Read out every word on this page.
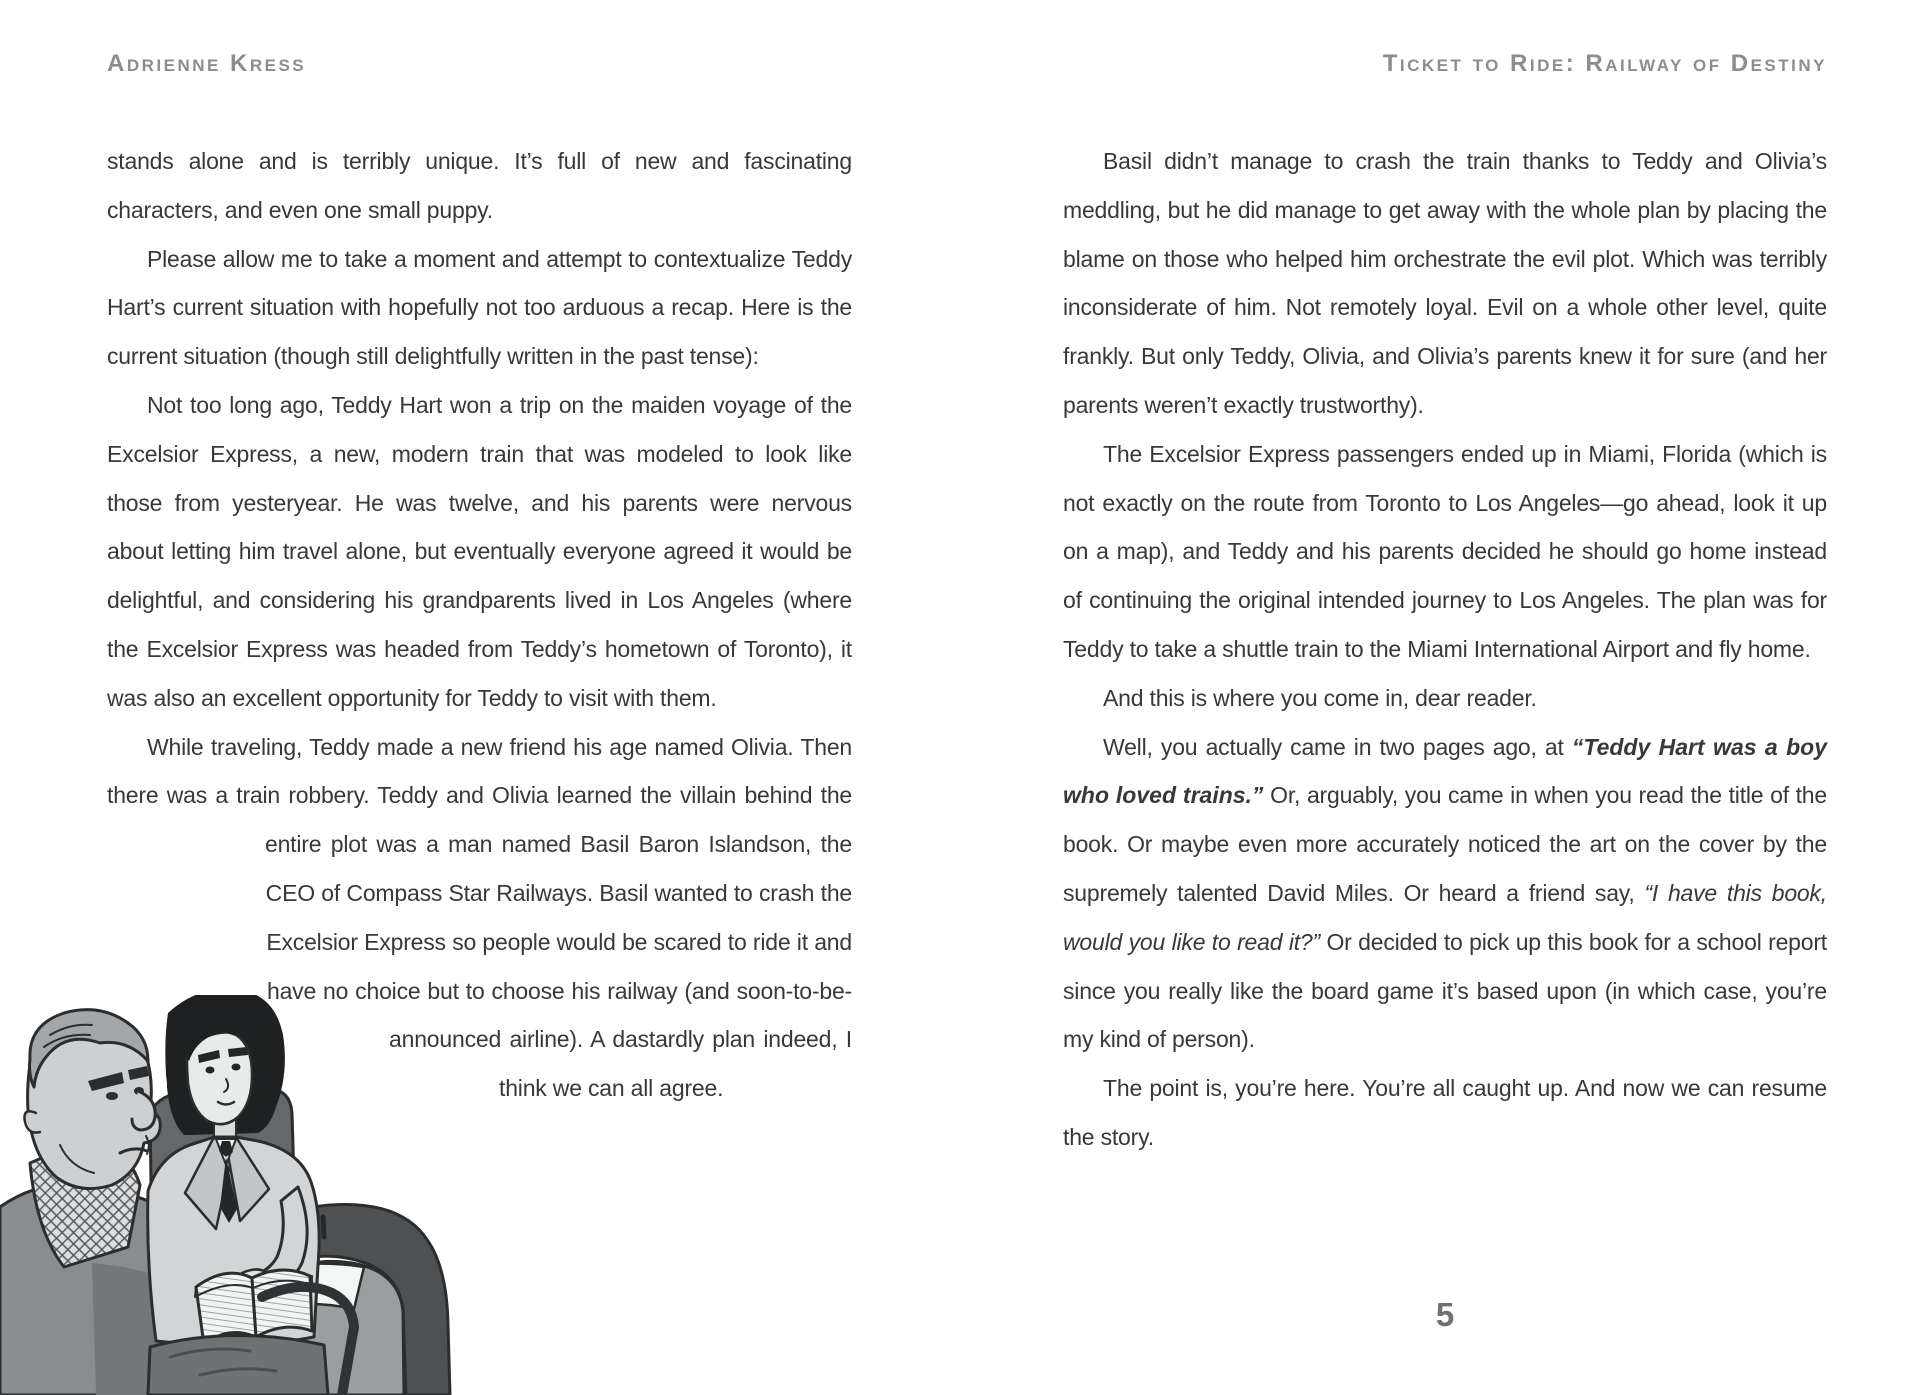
Adrienne Kress

stands alone and is terribly unique. It’s full of new and fascinating characters, and even one small puppy.

Please allow me to take a moment and attempt to contextualize Teddy Hart’s current situation with hopefully not too arduous a recap. Here is the current situation (though still delightfully written in the past tense):

Not too long ago, Teddy Hart won a trip on the maiden voyage of the Excelsior Express, a new, modern train that was modeled to look like those from yesteryear. He was twelve, and his parents were nervous about letting him travel alone, but eventually everyone agreed it would be delightful, and considering his grandparents lived in Los Angeles (where the Excelsior Express was headed from Teddy’s hometown of Toronto), it was also an excellent opportunity for Teddy to visit with them.

While traveling, Teddy made a new friend his age named Olivia. Then there was a train robbery. Teddy and Olivia learned the villain behind the entire plot was a man named Basil Baron Islandson, the CEO of Compass Star Railways. Basil wanted to crash the Excelsior Express so people would be scared to ride it and have no choice but to choose his railway (and soon-to-be-announced airline). A dastardly plan indeed, I think we can all agree.

Ticket to Ride: Railway of Destiny

Basil didn’t manage to crash the train thanks to Teddy and Olivia’s meddling, but he did manage to get away with the whole plan by placing the blame on those who helped him orchestrate the evil plot. Which was terribly inconsiderate of him. Not remotely loyal. Evil on a whole other level, quite frankly. But only Teddy, Olivia, and Olivia’s parents knew it for sure (and her parents weren’t exactly trustworthy).

The Excelsior Express passengers ended up in Miami, Florida (which is not exactly on the route from Toronto to Los Angeles—go ahead, look it up on a map), and Teddy and his parents decided he should go home instead of continuing the original intended journey to Los Angeles. The plan was for Teddy to take a shuttle train to the Miami International Airport and fly home.

And this is where you come in, dear reader.

Well, you actually came in two pages ago, at “Teddy Hart was a boy who loved trains.” Or, arguably, you came in when you read the title of the book. Or maybe even more accurately noticed the art on the cover by the supremely talented David Miles. Or heard a friend say, “I have this book, would you like to read it?” Or decided to pick up this book for a school report since you really like the board game it’s based upon (in which case, you’re my kind of person).

The point is, you’re here. You’re all caught up. And now we can resume the story.

5
